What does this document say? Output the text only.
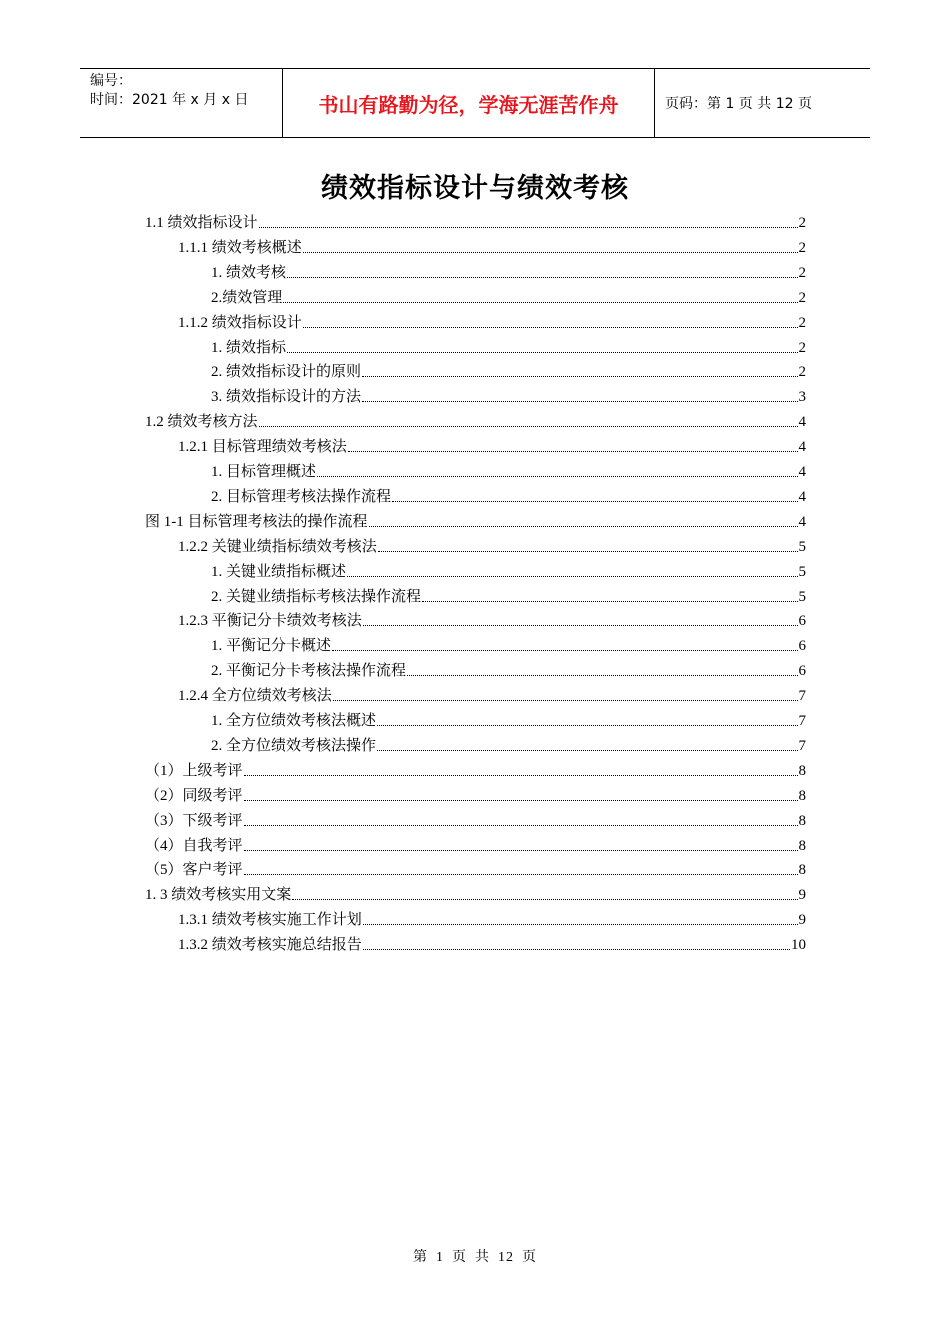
编号：
时间：2021 年 x 月 x 日	书山有路勤为径，学海无涯苦作舟	页码：第 1 页 共 12 页
绩效指标设计与绩效考核
1.1 绩效指标设计	2
1.1.1 绩效考核概述	2
1. 绩效考核	2
2.绩效管理	2
1.1.2 绩效指标设计	2
1. 绩效指标	2
2. 绩效指标设计的原则	2
3. 绩效指标设计的方法	3
1.2 绩效考核方法	4
1.2.1 目标管理绩效考核法	4
1. 目标管理概述	4
2. 目标管理考核法操作流程	4
图 1-1 目标管理考核法的操作流程	4
1.2.2 关键业绩指标绩效考核法	5
1. 关键业绩指标概述	5
2. 关键业绩指标考核法操作流程	5
1.2.3 平衡记分卡绩效考核法	6
1. 平衡记分卡概述	6
2. 平衡记分卡考核法操作流程	6
1.2.4 全方位绩效考核法	7
1. 全方位绩效考核法概述	7
2. 全方位绩效考核法操作	7
（1）上级考评	8
（2）同级考评	8
（3）下级考评	8
（4）自我考评	8
（5）客户考评	8
1. 3 绩效考核实用文案	9
1.3.1 绩效考核实施工作计划	9
1.3.2 绩效考核实施总结报告	10
第 1 页 共 12 页
